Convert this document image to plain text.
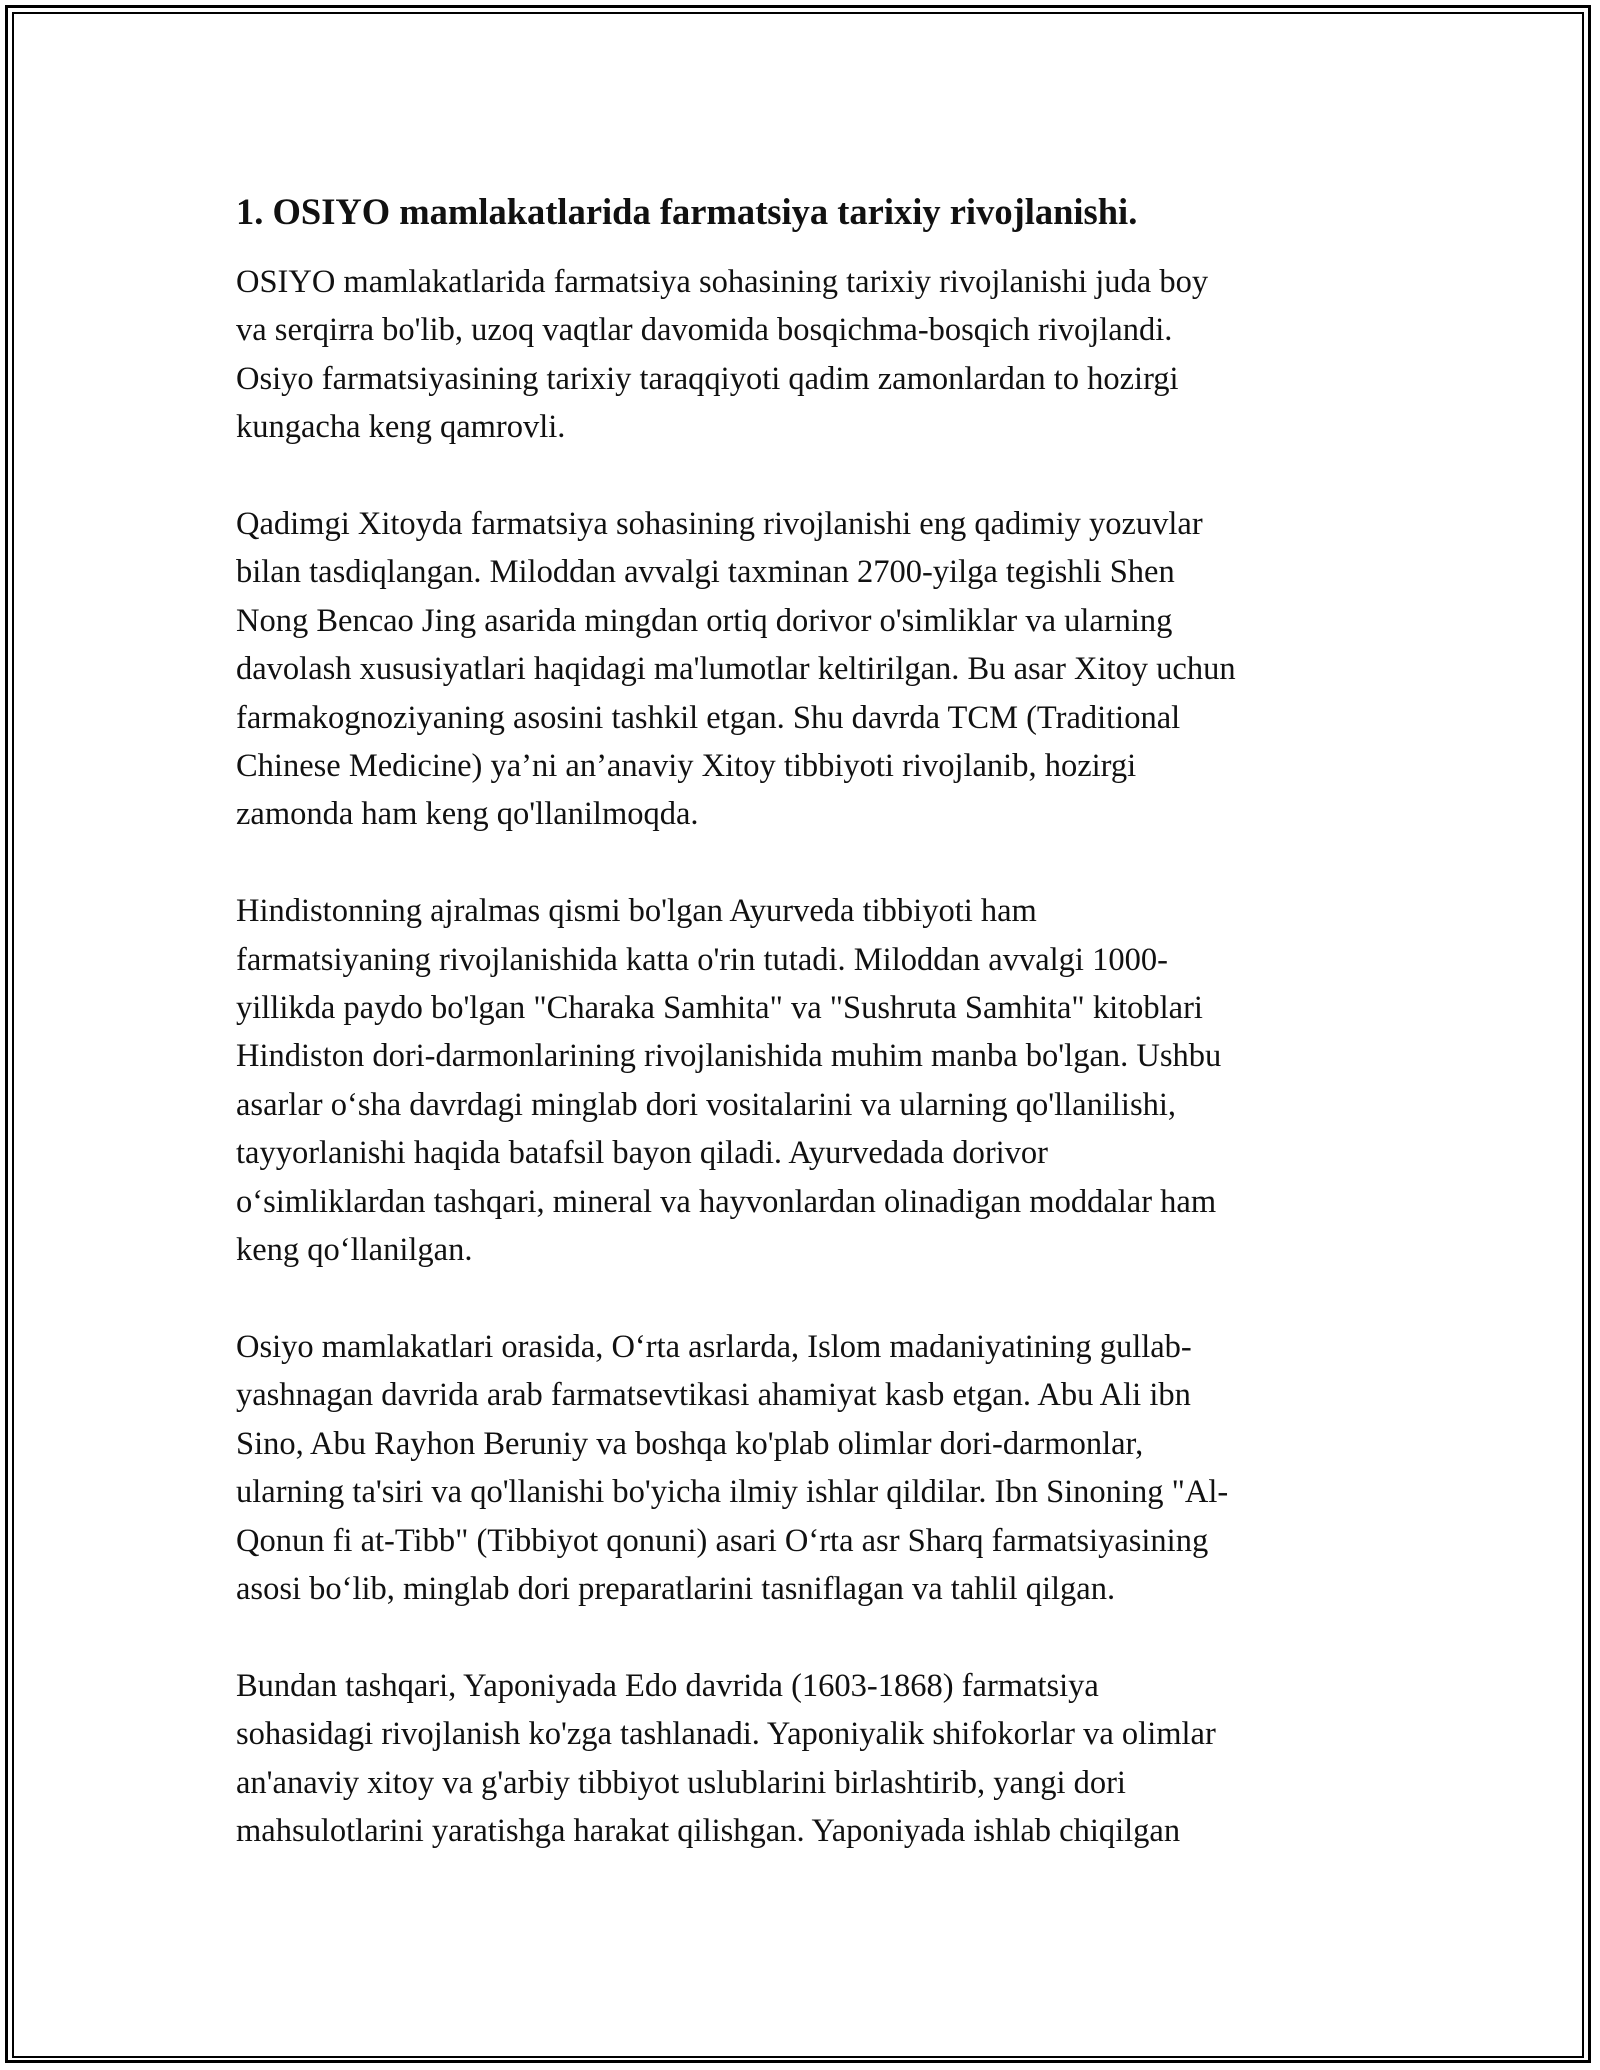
1. OSIYO mamlakatlarida farmatsiya tarixiy rivojlanishi.
OSIYO mamlakatlarida farmatsiya sohasining tarixiy rivojlanishi juda boy
va serqirra bo'lib, uzoq vaqtlar davomida bosqichma-bosqich rivojlandi.
Osiyo farmatsiyasining tarixiy taraqqiyoti qadim zamonlardan to hozirgi
kungacha keng qamrovli.
Qadimgi Xitoyda farmatsiya sohasining rivojlanishi eng qadimiy yozuvlar
bilan tasdiqlangan. Miloddan avvalgi taxminan 2700-yilga tegishli Shen
Nong Bencao Jing asarida mingdan ortiq dorivor o'simliklar va ularning
davolash xususiyatlari haqidagi ma'lumotlar keltirilgan. Bu asar Xitoy uchun
farmakognoziyaning asosini tashkil etgan. Shu davrda TCM (Traditional
Chinese Medicine) ya’ni an’anaviy Xitoy tibbiyoti rivojlanib, hozirgi
zamonda ham keng qo'llanilmoqda.
Hindistonning ajralmas qismi bo'lgan Ayurveda tibbiyoti ham
farmatsiyaning rivojlanishida katta o'rin tutadi. Miloddan avvalgi 1000-
yillikda paydo bo'lgan "Charaka Samhita" va "Sushruta Samhita" kitoblari
Hindiston dori-darmonlarining rivojlanishida muhim manba bo'lgan. Ushbu
asarlar o‘sha davrdagi minglab dori vositalarini va ularning qo'llanilishi,
tayyorlanishi haqida batafsil bayon qiladi. Ayurvedada dorivor
o‘simliklardan tashqari, mineral va hayvonlardan olinadigan moddalar ham
keng qo‘llanilgan.
Osiyo mamlakatlari orasida, O‘rta asrlarda, Islom madaniyatining gullab-
yashnagan davrida arab farmatsevtikasi ahamiyat kasb etgan. Abu Ali ibn
Sino, Abu Rayhon Beruniy va boshqa ko'plab olimlar dori-darmonlar,
ularning ta'siri va qo'llanishi bo'yicha ilmiy ishlar qildilar. Ibn Sinoning "Al-
Qonun fi at-Tibb" (Tibbiyot qonuni) asari O‘rta asr Sharq farmatsiyasining
asosi bo‘lib, minglab dori preparatlarini tasniflagan va tahlil qilgan.
Bundan tashqari, Yaponiyada Edo davrida (1603-1868) farmatsiya
sohasidagi rivojlanish ko'zga tashlanadi. Yaponiyalik shifokorlar va olimlar
an'anaviy xitoy va g'arbiy tibbiyot uslublarini birlashtirib, yangi dori
mahsulotlarini yaratishga harakat qilishgan. Yaponiyada ishlab chiqilgan
